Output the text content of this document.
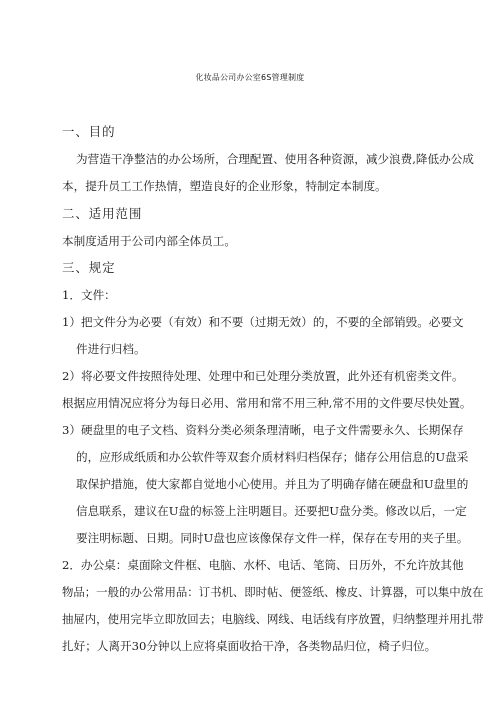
化妆品公司办公室6S管理制度
一、目的
为营造干净整洁的办公场所，合理配置、使用各种资源，减少浪费,降低办公成
本，提升员工工作热情，塑造良好的企业形象，特制定本制度。
二、适用范围
本制度适用于公司内部全体员工。
三、规定
1．文件：
1）把文件分为必要（有效）和不要（过期无效）的，不要的全部销毁。必要文
件进行归档。
2）将必要文件按照待处理、处理中和已处理分类放置，此外还有机密类文件。
根据应用情况应将分为每日必用、常用和常不用三种,常不用的文件要尽快处置。
3）硬盘里的电子文档、资料分类必须条理清晰，电子文件需要永久、长期保存
的，应形成纸质和办公软件等双套介质材料归档保存；储存公用信息的U盘采
取保护措施，使大家都自觉地小心使用。并且为了明确存储在硬盘和U盘里的
信息联系，建议在U盘的标签上注明题目。还要把U盘分类。修改以后，一定
要注明标题、日期。同时U盘也应该像保存文件一样，保存在专用的夹子里。
2．办公桌：桌面除文件框、电脑、水杯、电话、笔筒、日历外，不允许放其他
物品；一般的办公常用品：订书机、即时帖、便签纸、橡皮、计算器，可以集中放在
抽屉内，使用完毕立即放回去；电脑线、网线、电话线有序放置，归纳整理并用扎带
扎好；人离开30分钟以上应将桌面收拾干净，各类物品归位，椅子归位。
